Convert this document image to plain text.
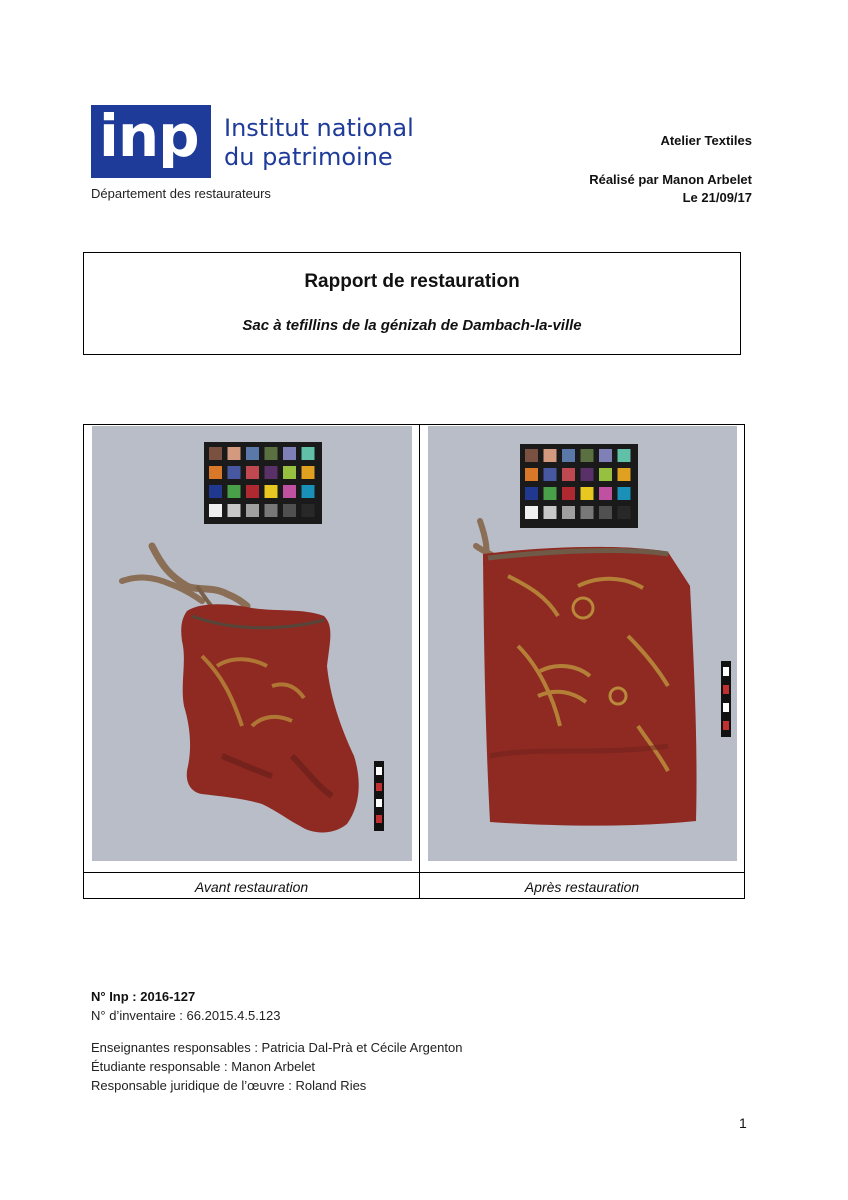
inp Institut national
du patrimoine
Département des restaurateurs
Atelier Textiles
Réalisé par Manon Arbelet
Le 21/09/17
Rapport de restauration
Sac à tefillins de la génizah de Dambach-la-ville
Avant restauration	Après restauration
N° Inp : 2016-127
N° d’inventaire : 66.2015.4.5.123
Enseignantes responsables : Patricia Dal-Prà et Cécile Argenton
Étudiante responsable : Manon Arbelet
Responsable juridique de l’œuvre : Roland Ries
1
